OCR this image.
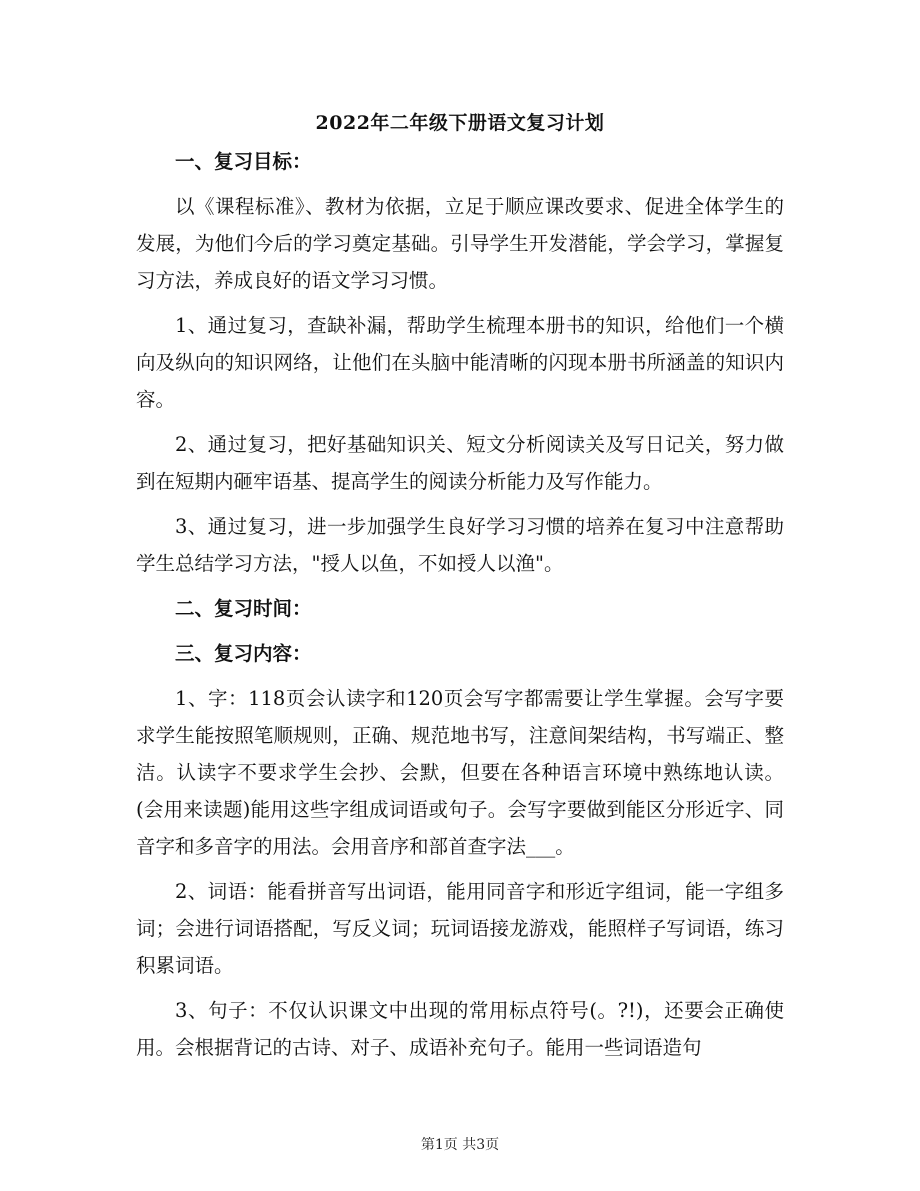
2022年二年级下册语文复习计划

一、复习目标：

以《课程标准》、教材为依据，立足于顺应课改要求、促进全体学生的发展，为他们今后的学习奠定基础。引导学生开发潜能，学会学习，掌握复习方法，养成良好的语文学习习惯。

1、通过复习，查缺补漏，帮助学生梳理本册书的知识，给他们一个横向及纵向的知识网络，让他们在头脑中能清晰的闪现本册书所涵盖的知识内容。

2、通过复习，把好基础知识关、短文分析阅读关及写日记关，努力做到在短期内砸牢语基、提高学生的阅读分析能力及写作能力。

3、通过复习，进一步加强学生良好学习习惯的培养在复习中注意帮助学生总结学习方法，"授人以鱼，不如授人以渔"。

二、复习时间：

三、复习内容：

1、字：118页会认读字和120页会写字都需要让学生掌握。会写字要求学生能按照笔顺规则，正确、规范地书写，注意间架结构，书写端正、整洁。认读字不要求学生会抄、会默，但要在各种语言环境中熟练地认读。(会用来读题)能用这些字组成词语或句子。会写字要做到能区分形近字、同音字和多音字的用法。会用音序和部首查字法___。

2、词语：能看拼音写出词语，能用同音字和形近字组词，能一字组多词；会进行词语搭配，写反义词；玩词语接龙游戏，能照样子写词语，练习积累词语。

3、句子：不仅认识课文中出现的常用标点符号(。?!)，还要会正确使用。会根据背记的古诗、对子、成语补充句子。能用一些词语造句

第1页 共3页
